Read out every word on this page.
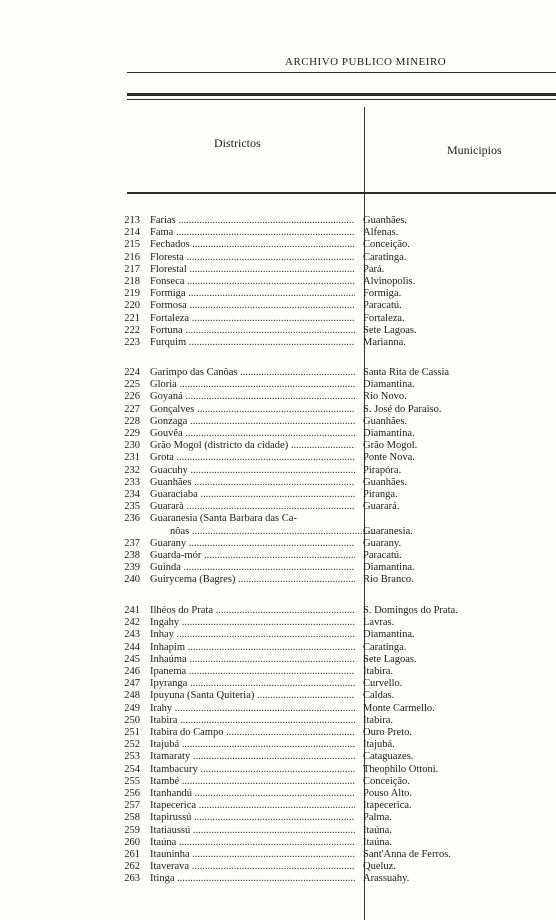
ARCHIVO PUBLICO MINEIRO
Districtos	Municipios
213 Farias .....	Guanhães.
214 Fama .....	Alfenas.
215 Fechados .....	Conceição.
216 Floresta .....	Caratinga.
217 Florestal .....	Pará.
218 Fonseca .....	Alvinopolis.
219 Formiga .....	Formiga.
220 Formosa .....	Paracatú.
221 Fortaleza .....	Fortaleza.
222 Fortuna .....	Sete Lagoas.
223 Furquim .....	Marianna.
224 Garimpo das Canôas .....	Santa Rita de Cassia
225 Gloria .....	Diamantina.
226 Goyaná .....	Rio Novo.
227 Gonçalves .....	S. José do Paraiso.
228 Gonzaga .....	Guanhães.
229 Gouvêa .....	Diamantina.
230 Grão Mogol (districto da cidade) .....	Grão Mogol.
231 Grota .....	Ponte Nova.
232 Guacuhy .....	Pirapóra.
233 Guanhães .....	Guanhães.
234 Guaraciaba .....	Piranga.
235 Guararà .....	Guarará.
236 Guaranesia (Santa Barbara das Ca-
nôas .....	Guaranesia.
237 Guarany .....	Guarany.
238 Guarda-mór .....	Paracatú.
239 Guinda .....	Diamantina.
240 Guirycema (Bagres) .....	Rio Branco.
241 Ilhéos do Prata .....	S. Domingos do Prata.
242 Ingahy .....	Lavras.
243 Inhay .....	Diamantina.
244 Inhapim .....	Caratinga.
245 Inhaúma .....	Sete Lagoas.
246 Ipanema .....	Itabira.
247 Ipyranga .....	Curvello.
248 Ipuyuna (Santa Quiteria) .....	Caldas.
249 Irahy .....	Monte Carmello.
250 Itabira .....	Itabira.
251 Itabira do Campo .....	Ouro Preto.
252 Itajubá .....	Itajubá.
253 Itamaraty .....	Cataguazes.
254 Itambacury .....	Theophilo Ottoni.
255 Itambé .....	Conceição.
256 Itanhandú .....	Pouso Alto.
257 Itapecerica .....	Itapecerica.
258 Itapirussú .....	Palma.
259 Itatiaussú .....	Itaúna.
260 Itaúna .....	Itaúna.
261 Itauninha .....	Sant'Anna de Ferros.
262 Itaverava .....	Queluz.
263 Itinga .....	Arassuahy.
